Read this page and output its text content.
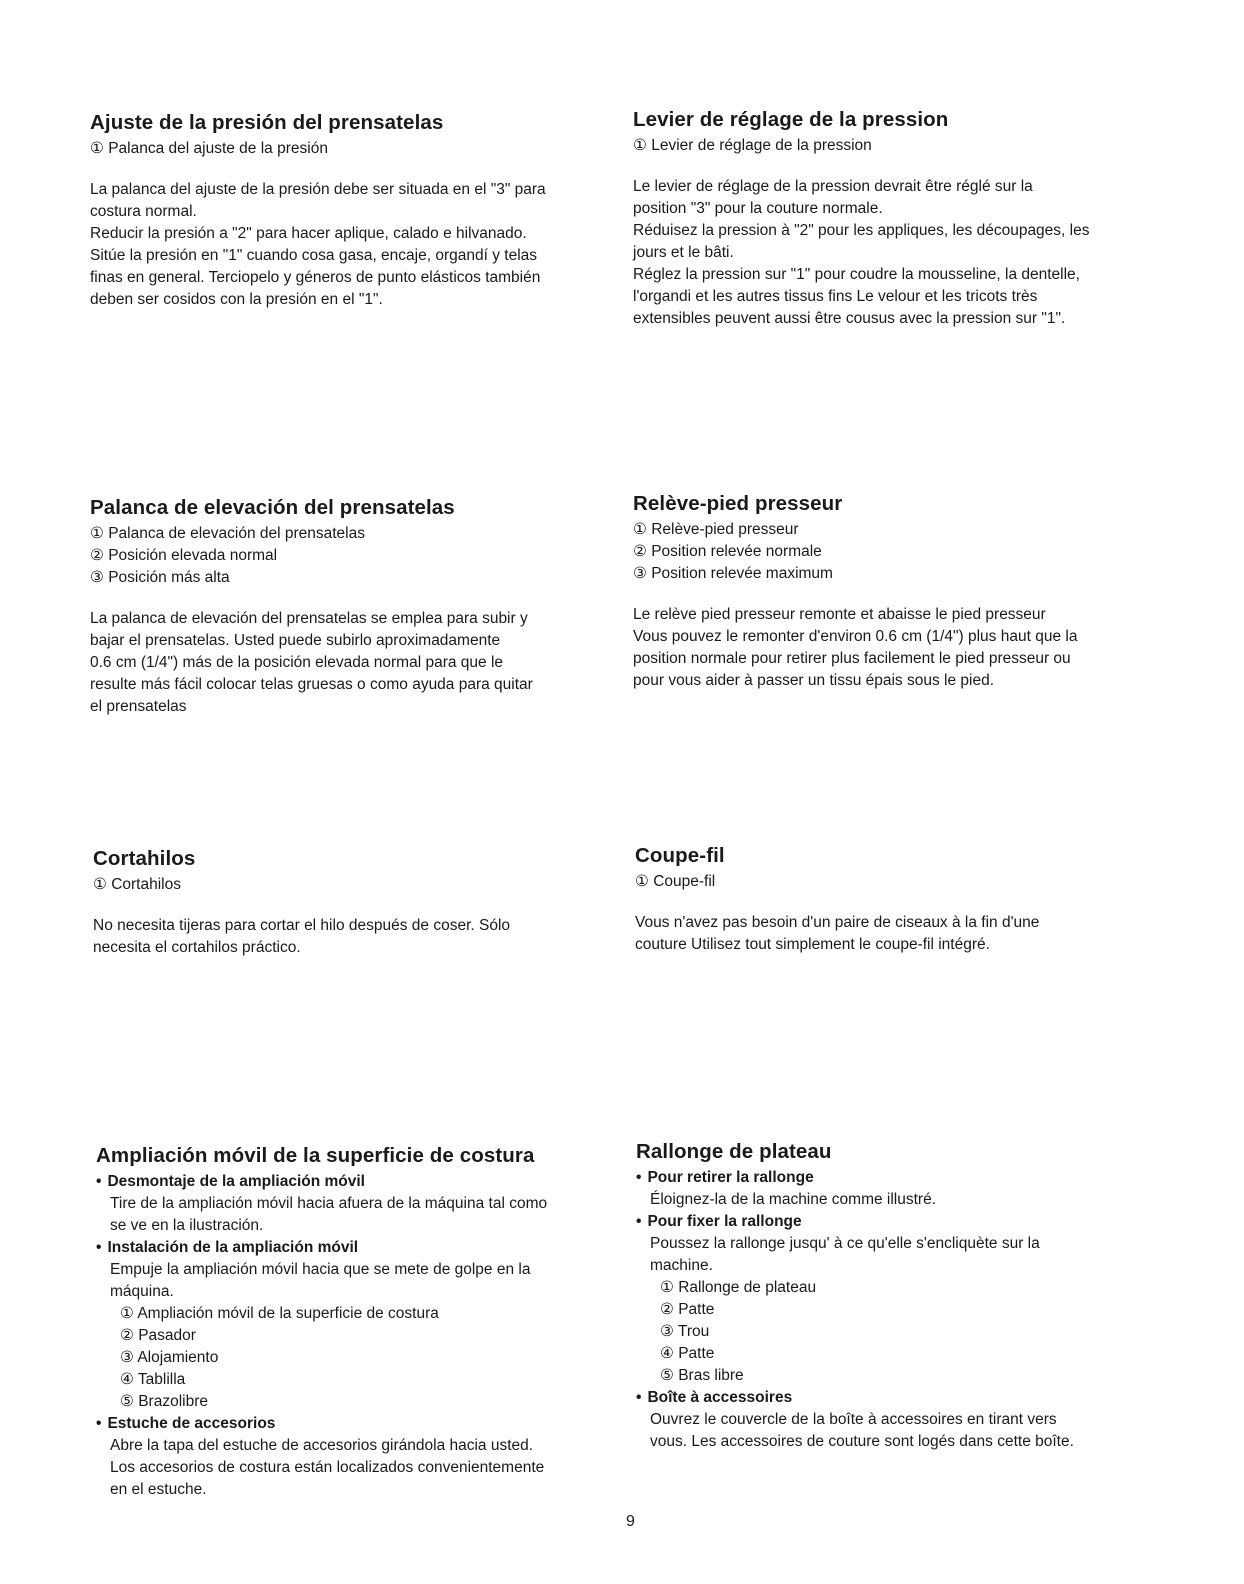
Ajuste de la presión del prensatelas
① Palanca del ajuste de la presión
La palanca del ajuste de la presión debe ser situada en el "3" para
costura normal.
Reducir la presión a "2" para hacer aplique, calado e hilvanado.
Sitúe la presión en "1" cuando cosa gasa, encaje, organdí y telas
finas en general. Terciopelo y géneros de punto elásticos también
deben ser cosidos con la presión en el "1".
Levier de réglage de la pression
① Levier de réglage de la pression
Le levier de réglage de la pression devrait être réglé sur la
position "3" pour la couture normale.
Réduisez la pression à "2" pour les appliques, les découpages, les
jours et le bâti.
Réglez la pression sur "1" pour coudre la mousseline, la dentelle,
l'organdi et les autres tissus fins Le velour et les tricots très
extensibles peuvent aussi être cousus avec la pression sur "1".
Palanca de elevación del prensatelas
① Palanca de elevación del prensatelas
② Posición elevada normal
③ Posición más alta
La palanca de elevación del prensatelas se emplea para subir y
bajar el prensatelas. Usted puede subirlo aproximadamente
0.6 cm (1/4") más de la posición elevada normal para que le
resulte más fácil colocar telas gruesas o como ayuda para quitar
el prensatelas
Relève-pied presseur
① Relève-pied presseur
② Position relevée normale
③ Position relevée maximum
Le relève pied presseur remonte et abaisse le pied presseur
Vous pouvez le remonter d'environ 0.6 cm (1/4") plus haut que la
position normale pour retirer plus facilement le pied presseur ou
pour vous aider à passer un tissu épais sous le pied.
Cortahilos
① Cortahilos
No necesita tijeras para cortar el hilo después de coser. Sólo
necesita el cortahilos práctico.
Coupe-fil
① Coupe-fil
Vous n'avez pas besoin d'un paire de ciseaux à la fin d'une
couture Utilisez tout simplement le coupe-fil intégré.
Ampliación móvil de la superficie de costura
• Desmontaje de la ampliación móvil
Tire de la ampliación móvil hacia afuera de la máquina tal como
se ve en la ilustración.
• Instalación de la ampliación móvil
Empuje la ampliación móvil hacia que se mete de golpe en la
máquina.
① Ampliación móvil de la superficie de costura
② Pasador
③ Alojamiento
④ Tablilla
⑤ Brazolibre
• Estuche de accesorios
Abre la tapa del estuche de accesorios girándola hacia usted.
Los accesorios de costura están localizados convenientemente
en el estuche.
Rallonge de plateau
• Pour retirer la rallonge
Éloignez-la de la machine comme illustré.
• Pour fixer la rallonge
Poussez la rallonge jusqu' à ce qu'elle s'encliquète sur la
machine.
① Rallonge de plateau
② Patte
③ Trou
④ Patte
⑤ Bras libre
• Boîte à accessoires
Ouvrez le couvercle de la boîte à accessoires en tirant vers
vous. Les accessoires de couture sont logés dans cette boîte.
9
